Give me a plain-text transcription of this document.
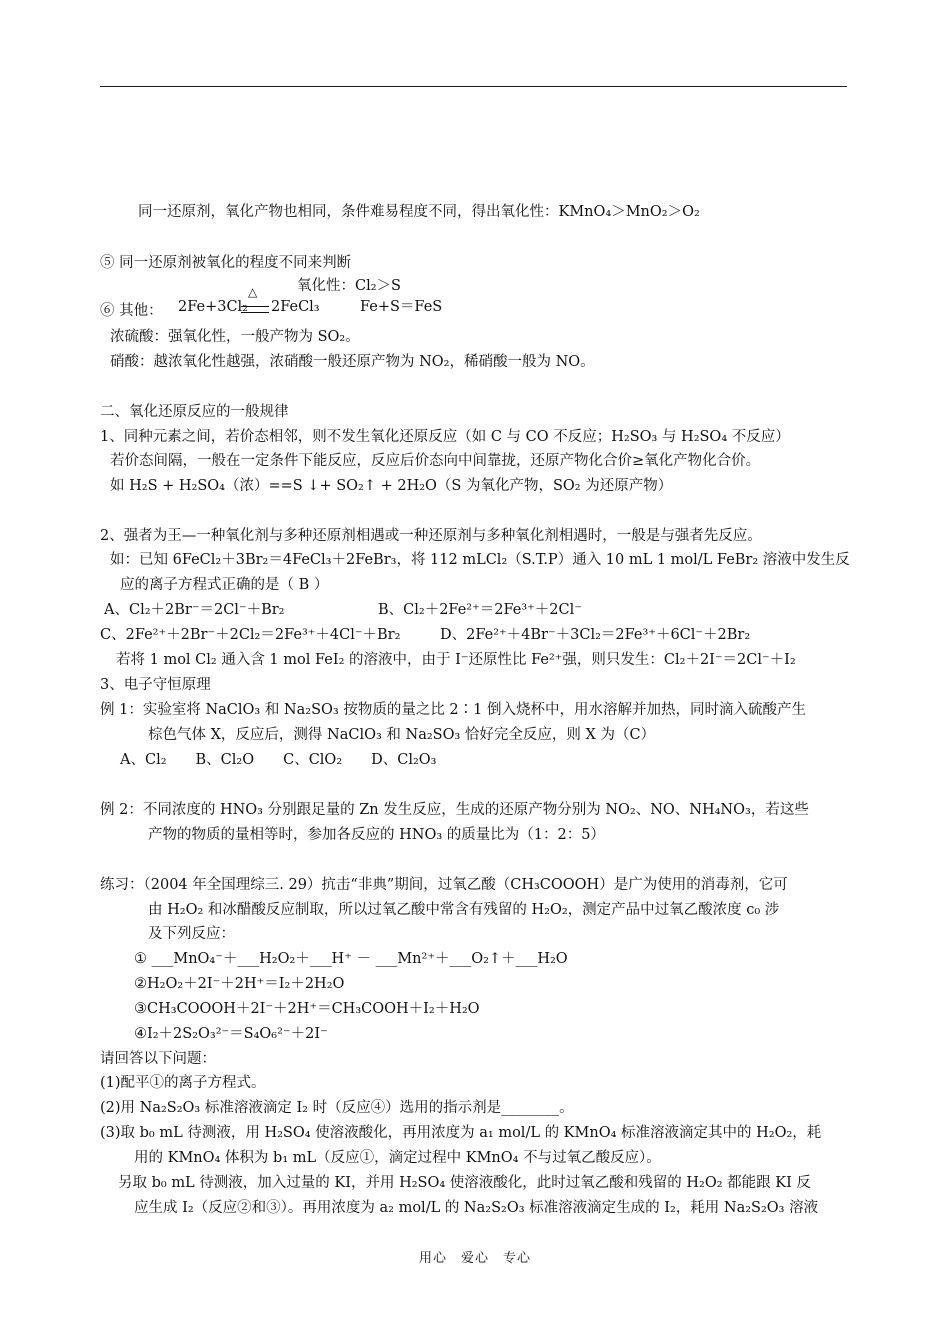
同一还原剂，氧化产物也相同，条件难易程度不同，得出氧化性：KMnO₄＞MnO₂＞O₂
⑤ 同一还原剂被氧化的程度不同来判断
氧化性：Cl₂＞S
⑥ 其他： 2Fe+3Cl₂
△
2FeCl₃	Fe+S＝FeS
浓硫酸：强氧化性，一般产物为 SO₂。
硝酸：越浓氧化性越强，浓硝酸一般还原产物为 NO₂，稀硝酸一般为 NO。
二、氧化还原反应的一般规律
1、同种元素之间，若价态相邻，则不发生氧化还原反应（如 C 与 CO 不反应；H₂SO₃ 与 H₂SO₄ 不反应）
若价态间隔，一般在一定条件下能反应，反应后价态向中间靠拢，还原产物化合价≥氧化产物化合价。
如 H₂S + H₂SO₄（浓）==S ↓+ SO₂↑ + 2H₂O（S 为氧化产物，SO₂ 为还原产物）
2、强者为王—一种氧化剂与多种还原剂相遇或一种还原剂与多种氧化剂相遇时，一般是与强者先反应。
如：已知 6FeCl₂＋3Br₂＝4FeCl₃＋2FeBr₃，将 112 mLCl₂（S.T.P）通入 10 mL 1 mol/L FeBr₂ 溶液中发生反
应的离子方程式正确的是（ B ）
A、Cl₂＋2Br⁻＝2Cl⁻＋Br₂	B、Cl₂＋2Fe²⁺＝2Fe³⁺＋2Cl⁻
C、2Fe²⁺＋2Br⁻＋2Cl₂＝2Fe³⁺＋4Cl⁻＋Br₂	D、2Fe²⁺＋4Br⁻＋3Cl₂＝2Fe³⁺＋6Cl⁻＋2Br₂
若将 1 mol Cl₂ 通入含 1 mol FeI₂ 的溶液中，由于 I⁻还原性比 Fe²⁺强，则只发生：Cl₂＋2I⁻＝2Cl⁻＋I₂
3、电子守恒原理
例 1：实验室将 NaClO₃ 和 Na₂SO₃ 按物质的量之比 2∶1 倒入烧杯中，用水溶解并加热，同时滴入硫酸产生
棕色气体 X，反应后，测得 NaClO₃ 和 Na₂SO₃ 恰好完全反应，则 X 为（C）
A、Cl₂　　B、Cl₂O　　C、ClO₂　　D、Cl₂O₃
例 2：不同浓度的 HNO₃ 分别跟足量的 Zn 发生反应，生成的还原产物分别为 NO₂、NO、NH₄NO₃，若这些
产物的物质的量相等时，参加各反应的 HNO₃ 的质量比为（1：2：5）
练习：（2004 年全国理综三. 29）抗击“非典”期间，过氧乙酸（CH₃COOOH）是广为使用的消毒剂，它可
由 H₂O₂ 和冰醋酸反应制取，所以过氧乙酸中常含有残留的 H₂O₂，测定产品中过氧乙酸浓度 c₀ 涉
及下列反应：
① ___MnO₄⁻＋___H₂O₂＋___H⁺ － ___Mn²⁺＋___O₂↑＋___H₂O
②H₂O₂＋2I⁻＋2H⁺＝I₂＋2H₂O
③CH₃COOOH＋2I⁻＋2H⁺＝CH₃COOH＋I₂＋H₂O
④I₂＋2S₂O₃²⁻＝S₄O₆²⁻＋2I⁻
请回答以下问题：
(1)配平①的离子方程式。
(2)用 Na₂S₂O₃ 标准溶液滴定 I₂ 时（反应④）选用的指示剂是________。
(3)取 b₀ mL 待测液，用 H₂SO₄ 使溶液酸化，再用浓度为 a₁ mol/L 的 KMnO₄ 标准溶液滴定其中的 H₂O₂，耗
用的 KMnO₄ 体积为 b₁ mL（反应①，滴定过程中 KMnO₄ 不与过氧乙酸反应）。
另取 b₀ mL 待测液，加入过量的 KI，并用 H₂SO₄ 使溶液酸化，此时过氧乙酸和残留的 H₂O₂ 都能跟 KI 反
应生成 I₂（反应②和③）。再用浓度为 a₂ mol/L 的 Na₂S₂O₃ 标准溶液滴定生成的 I₂，耗用 Na₂S₂O₃ 溶液
用心　爱心　专心
